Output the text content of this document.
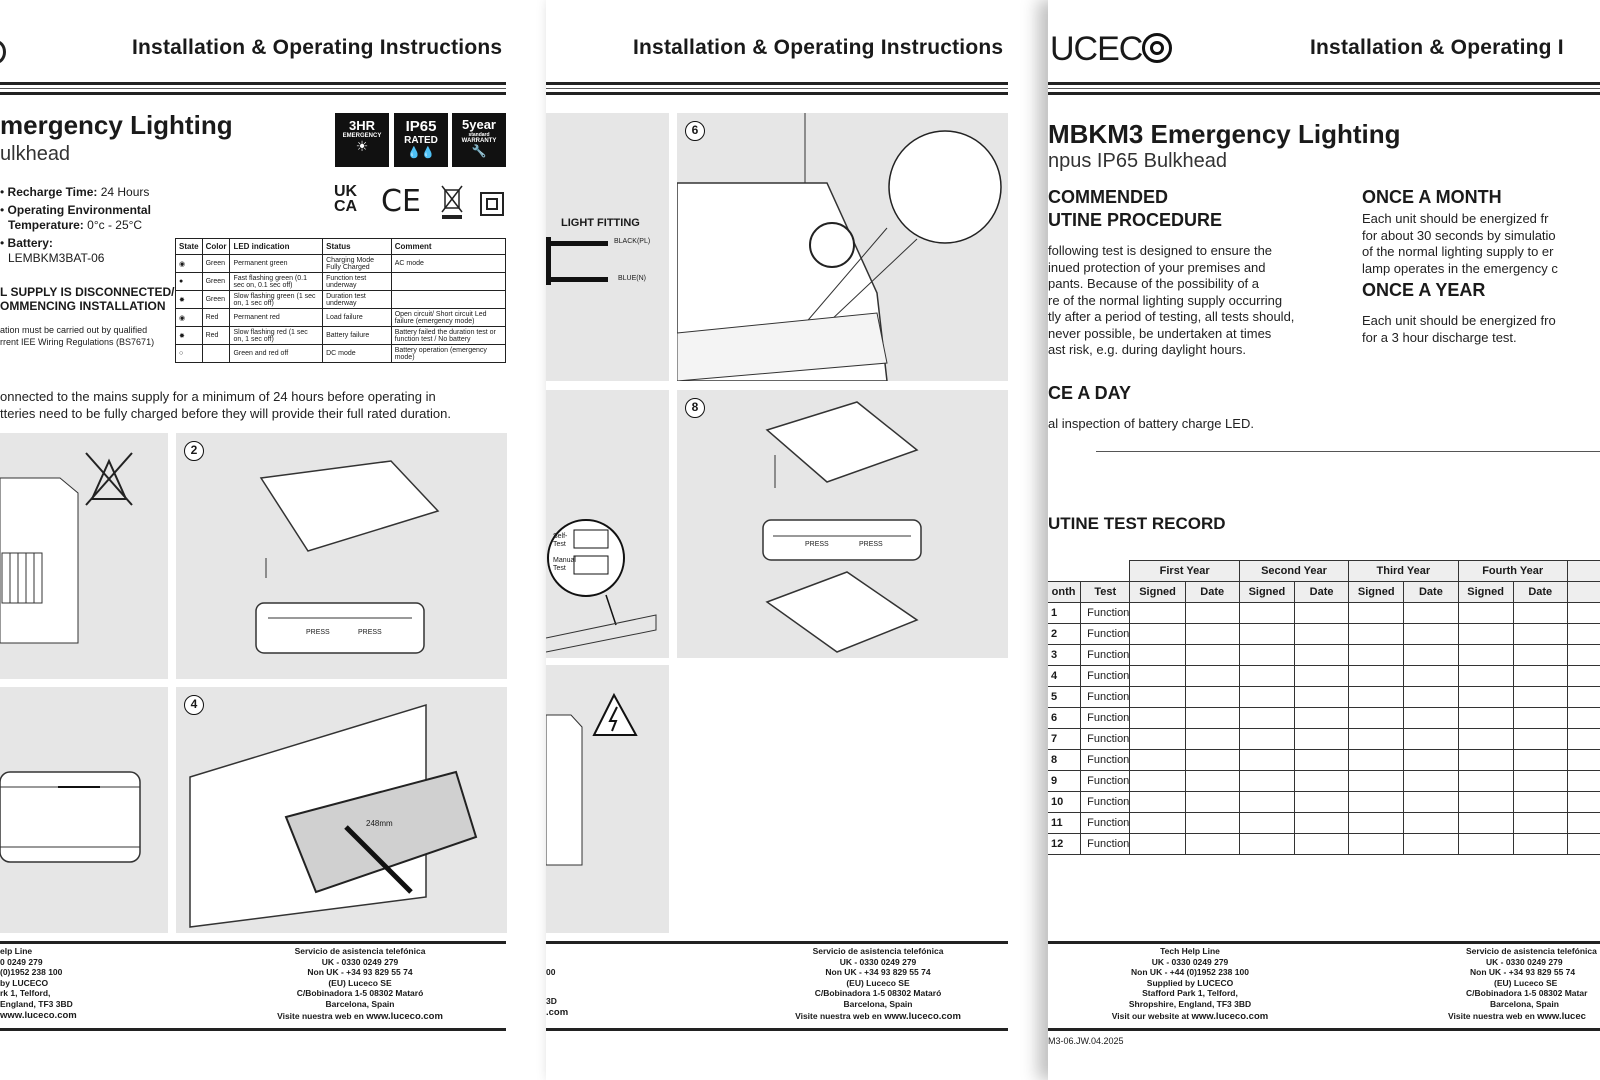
Installation & Operating Instructions
mergency Lighting
ulkhead
3HR
EMERGENCY
☀
IP65
RATED
💧💧
5year
standard
WARRANTY
🔧
UK
CA CE
• Recharge Time: 24 Hours
• Operating Environmental
Temperature: 0°c - 25°C
• Battery:
LEMBKM3BAT-06
L SUPPLY IS DISCONNECTED/
OMMENCING INSTALLATION
ation must be carried out by qualified
rrent IEE Wiring Regulations (BS7671)
State	Color	LED indication	Status	Comment
◉	Green	Permanent green	Charging Mode Fully Charged	AC mode
●	Green	Fast flashing green (0.1 sec on, 0.1 sec off)	Function test underway	
✸	Green	Slow flashing green (1 sec on, 1 sec off)	Duration test underway	
◉	Red	Permanent red	Load failure	Open circuit/ Short circuit Led failure (emergency mode)
✸	Red	Slow flashing red (1 sec on, 1 sec off)	Battery failure	Battery failed the duration test or function test / No battery
○		Green and red off	DC mode	Battery operation (emergency mode)
onnected to the mains supply for a minimum of 24 hours before operating in
tteries need to be fully charged before they will provide their full rated duration.
2
PRESS	PRESS
4
248mm
elp Line
0 0249 279
(0)1952 238 100
by LUCECO
rk 1, Telford,
England, TF3 3BD
www.luceco.com
Servicio de asistencia telefónica
UK - 0330 0249 279
Non UK - +34 93 829 55 74
(EU) Luceco SE
C/Bobinadora 1-5 08302 Mataró
Barcelona, Spain
Visite nuestra web en www.luceco.com
Installation & Operating Instructions
LIGHT FITTING
BLACK(PL)
BLUE(N)
6
Self-Test
Manual Test
8
PRESS	PRESS
00
3D
.com
Servicio de asistencia telefónica
UK - 0330 0249 279
Non UK - +34 93 829 55 74
(EU) Luceco SE
C/Bobinadora 1-5 08302 Mataró
Barcelona, Spain
Visite nuestra web en www.luceco.com
UCEC	Installation & Operating I
MBKM3 Emergency Lighting
npus IP65 Bulkhead
COMMENDED
UTINE PROCEDURE
following test is designed to ensure the
inued protection of your premises and
pants. Because of the possibility of a
re of the normal lighting supply occurring
tly after a period of testing, all tests should,
never possible, be undertaken at times
ast risk, e.g. during daylight hours.
ONCE A MONTH
Each unit should be energized fr
for about 30 seconds by simulatio
of the normal lighting supply to er
lamp operates in the emergency c
ONCE A YEAR
Each unit should be energized fro
for a 3 hour discharge test.
CE A DAY
al inspection of battery charge LED.
UTINE TEST RECORD
		First Year		Second Year		Third Year		Fourth Year		
onth	Test	Signed	Date	Signed	Date	Signed	Date	Signed	Date	
1	Function									
2	Function									
3	Function									
4	Function									
5	Function									
6	Function									
7	Function									
8	Function									
9	Function									
10	Function									
11	Function									
12	Function									
Tech Help Line
UK - 0330 0249 279
Non UK - +44 (0)1952 238 100
Supplied by LUCECO
Stafford Park 1, Telford,
Shropshire, England, TF3 3BD
Visit our website at www.luceco.com
Servicio de asistencia telefónica
UK - 0330 0249 279
Non UK - +34 93 829 55 74
(EU) Luceco SE
C/Bobinadora 1-5 08302 Matar
Barcelona, Spain
Visite nuestra web en www.lucec
M3-06.JW.04.2025
